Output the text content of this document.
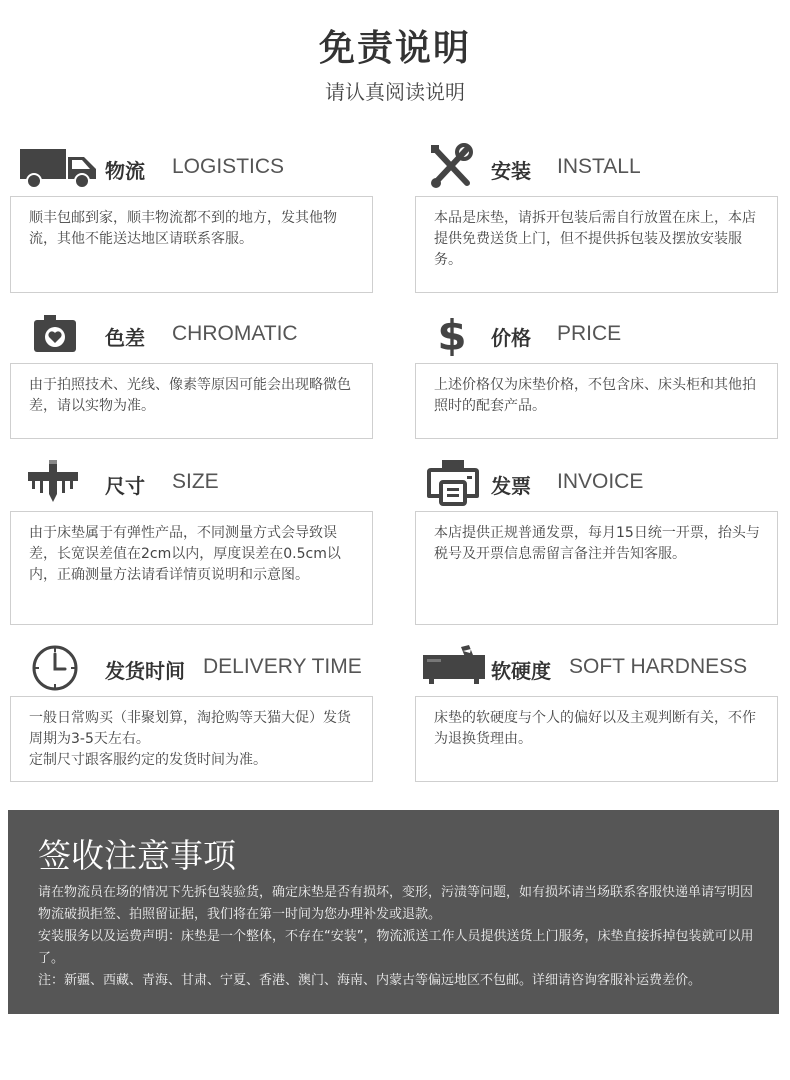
免责说明
请认真阅读说明
物流 LOGISTICS
顺丰包邮到家，顺丰物流都不到的地方，发其他物流，其他不能送达地区请联系客服。
安装 INSTALL
本品是床垫，请拆开包装后需自行放置在床上，本店提供免费送货上门，但不提供拆包装及摆放安装服务。
色差 CHROMATIC
由于拍照技术、光线、像素等原因可能会出现略微色差，请以实物为准。
$ 价格 PRICE
上述价格仅为床垫价格，不包含床、床头柜和其他拍照时的配套产品。
尺寸 SIZE
由于床垫属于有弹性产品，不同测量方式会导致误差，长宽误差值在2cm以内，厚度误差在0.5cm以内，正确测量方法请看详情页说明和示意图。
发票 INVOICE
本店提供正规普通发票，每月15日统一开票，抬头与税号及开票信息需留言备注并告知客服。
发货时间 DELIVERY TIME
一般日常购买（非聚划算，淘抢购等天猫大促）发货周期为3-5天左右。
定制尺寸跟客服约定的发货时间为准。
软硬度 SOFT HARDNESS
床垫的软硬度与个人的偏好以及主观判断有关，不作为退换货理由。
签收注意事项

请在物流员在场的情况下先拆包装验货，确定床垫是否有损坏，变形，污渍等问题，如有损坏请当场联系客服快递单请写明因物流破损拒签、拍照留证据，我们将在第一时间为您办理补发或退款。

安装服务以及运费声明：床垫是一个整体，不存在“安装”，物流派送工作人员提供送货上门服务，床垫直接拆掉包装就可以用了。

注：新疆、西藏、青海、甘肃、宁夏、香港、澳门、海南、内蒙古等偏远地区不包邮。详细请咨询客服补运费差价。
